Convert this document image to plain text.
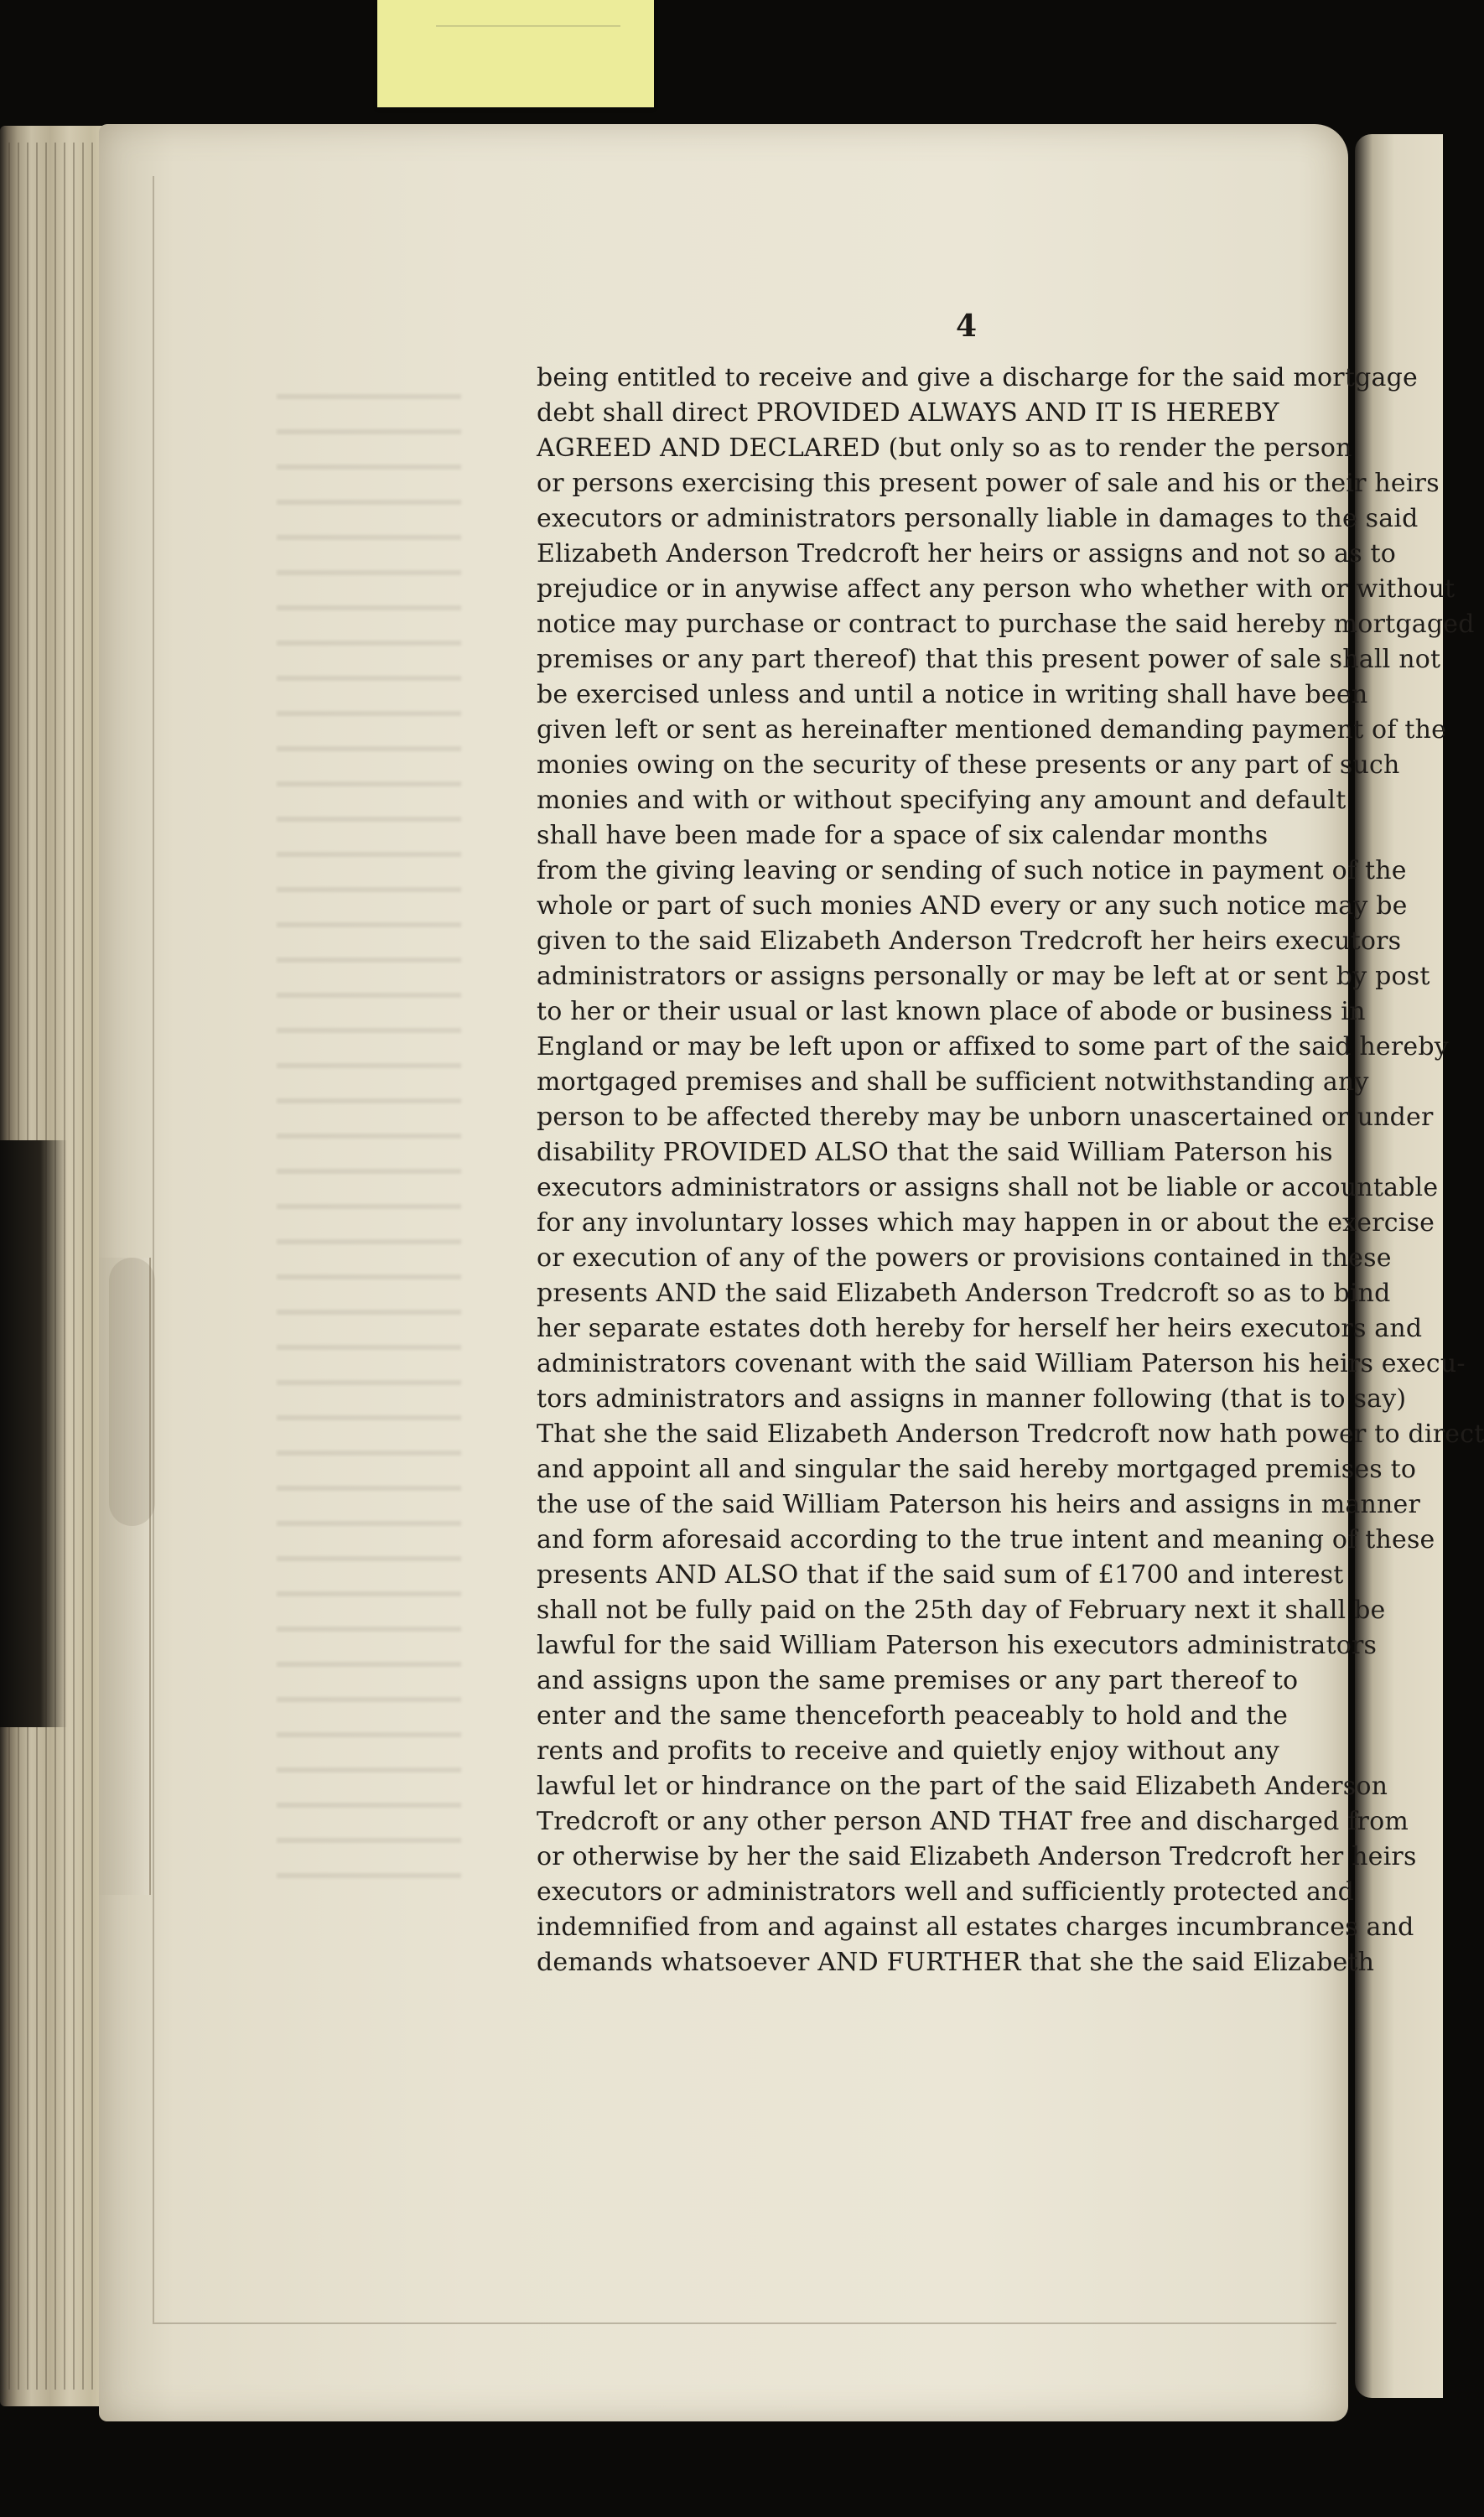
4
being entitled to receive and give a discharge for the said mortgage
debt shall direct PROVIDED ALWAYS AND IT IS HEREBY
AGREED AND DECLARED (but only so as to render the person
or persons exercising this present power of sale and his or their heirs
executors or administrators personally liable in damages to the said
Elizabeth Anderson Tredcroft her heirs or assigns and not so as to
prejudice or in anywise affect any person who whether with or without
notice may purchase or contract to purchase the said hereby mortgaged
premises or any part thereof) that this present power of sale shall not
be exercised unless and until a notice in writing shall have been
given left or sent as hereinafter mentioned demanding payment of the
monies owing on the security of these presents or any part of such
monies and with or without specifying any amount and default
shall have been made for a space of six calendar months
from the giving leaving or sending of such notice in payment of the
whole or part of such monies AND every or any such notice may be
given to the said Elizabeth Anderson Tredcroft her heirs executors
administrators or assigns personally or may be left at or sent by post
to her or their usual or last known place of abode or business in
England or may be left upon or affixed to some part of the said hereby
mortgaged premises and shall be sufficient notwithstanding any
person to be affected thereby may be unborn unascertained or under
disability PROVIDED ALSO that the said William Paterson his
executors administrators or assigns shall not be liable or accountable
for any involuntary losses which may happen in or about the exercise
or execution of any of the powers or provisions contained in these
presents AND the said Elizabeth Anderson Tredcroft so as to bind
her separate estates doth hereby for herself her heirs executors and
administrators covenant with the said William Paterson his heirs execu-
tors administrators and assigns in manner following (that is to say)
That she the said Elizabeth Anderson Tredcroft now hath power to direct
and appoint all and singular the said hereby mortgaged premises to
the use of the said William Paterson his heirs and assigns in manner
and form aforesaid according to the true intent and meaning of these
presents AND ALSO that if the said sum of £1700 and interest
shall not be fully paid on the 25th day of February next it shall be
lawful for the said William Paterson his executors administrators
and assigns upon the same premises or any part thereof to
enter and the same thenceforth peaceably to hold and the
rents and profits to receive and quietly enjoy without any
lawful let or hindrance on the part of the said Elizabeth Anderson
Tredcroft or any other person AND THAT free and discharged from
or otherwise by her the said Elizabeth Anderson Tredcroft her heirs
executors or administrators well and sufficiently protected and
indemnified from and against all estates charges incumbrances and
demands whatsoever AND FURTHER that she the said Elizabeth
